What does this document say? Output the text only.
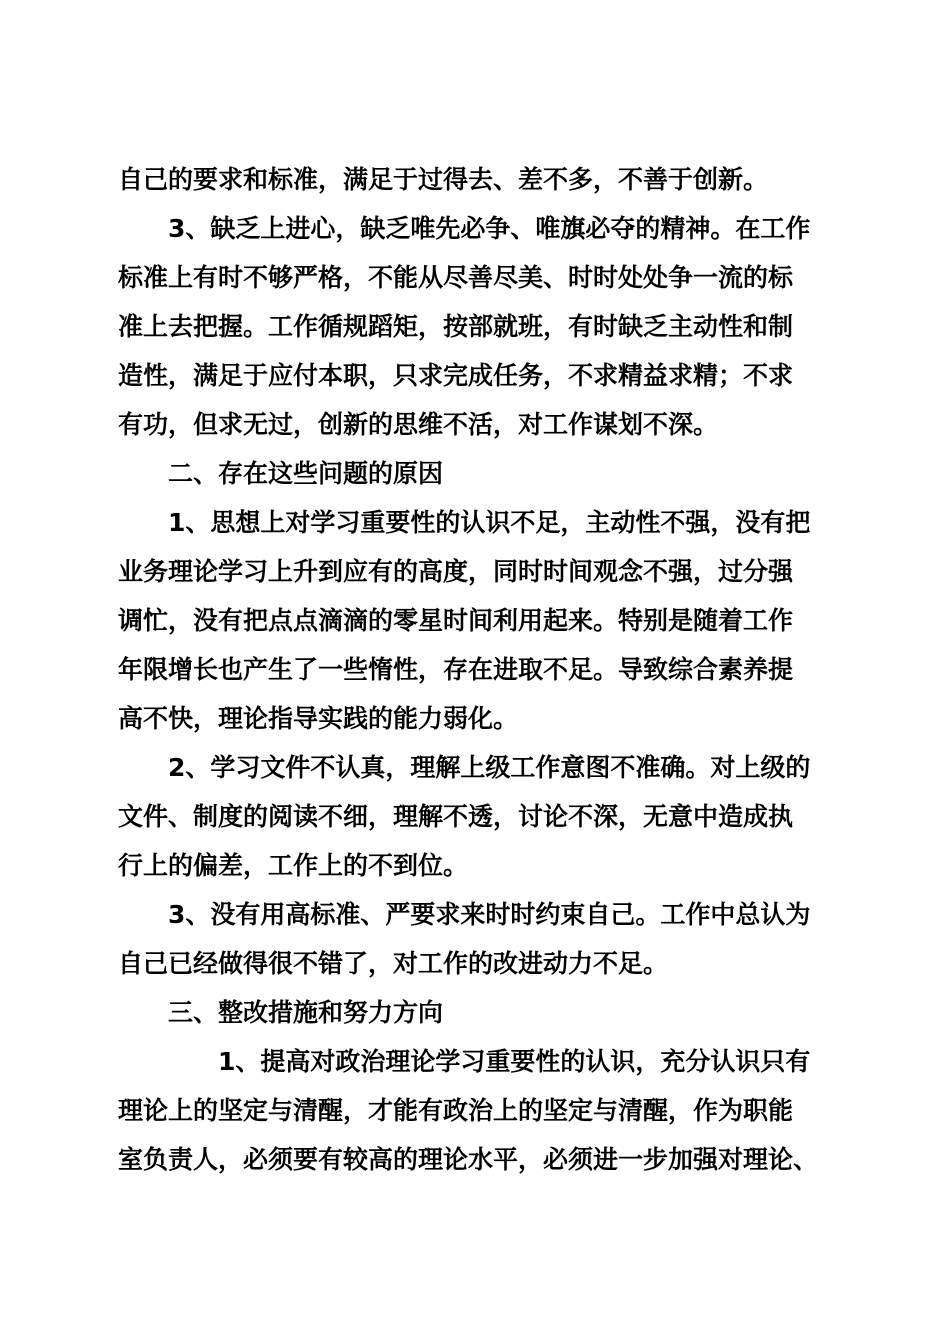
自己的要求和标准，满足于过得去、差不多，不善于创新。
3、缺乏上进心，缺乏唯先必争、唯旗必夺的精神。在工作
标准上有时不够严格，不能从尽善尽美、时时处处争一流的标
准上去把握。工作循规蹈矩，按部就班，有时缺乏主动性和制
造性，满足于应付本职，只求完成任务，不求精益求精；不求
有功，但求无过，创新的思维不活，对工作谋划不深。
二、存在这些问题的原因
1、思想上对学习重要性的认识不足，主动性不强，没有把
业务理论学习上升到应有的高度，同时时间观念不强，过分强
调忙，没有把点点滴滴的零星时间利用起来。特别是随着工作
年限增长也产生了一些惰性，存在进取不足。导致综合素养提
高不快，理论指导实践的能力弱化。
2、学习文件不认真，理解上级工作意图不准确。对上级的
文件、制度的阅读不细，理解不透，讨论不深，无意中造成执
行上的偏差，工作上的不到位。
3、没有用高标准、严要求来时时约束自己。工作中总认为
自己已经做得很不错了，对工作的改进动力不足。
三、整改措施和努力方向
1、提高对政治理论学习重要性的认识，充分认识只有
理论上的坚定与清醒，才能有政治上的坚定与清醒，作为职能
室负责人，必须要有较高的理论水平，必须进一步加强对理论、
